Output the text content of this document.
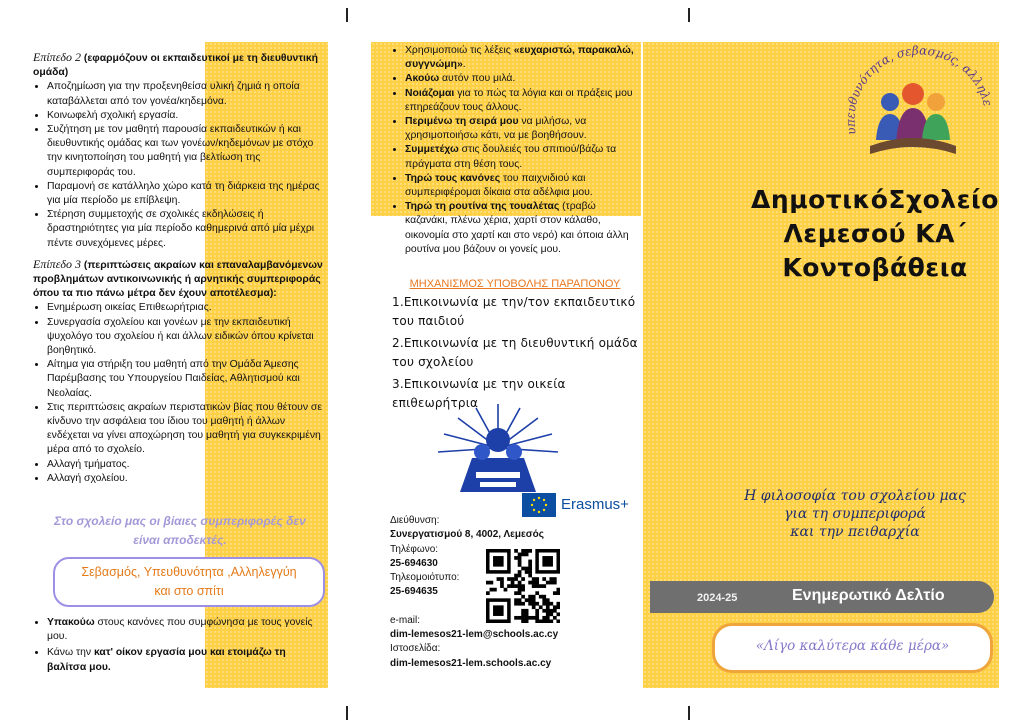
Επίπεδο 2 (εφαρμόζουν οι εκπαιδευτικοί με τη διευθυντική ομάδα)

• Αποζημίωση για την προξενηθείσα υλική ζημιά η οποία καταβάλλεται από τον γονέα/κηδεμόνα.
• Κοινωφελή σχολική εργασία.
• Συζήτηση με τον μαθητή παρουσία εκπαιδευτικών ή και διευθυντικής ομάδας και των γονέων/κηδεμόνων με στόχο την κινητοποίηση του μαθητή για βελτίωση της συμπεριφοράς του.
• Παραμονή σε κατάλληλο χώρο κατά τη διάρκεια της ημέρας για μία περίοδο με επίβλεψη.
• Στέρηση συμμετοχής σε σχολικές εκδηλώσεις ή δραστηριότητες για μία περίοδο καθημερινά από μία μέχρι πέντε συνεχόμενες μέρες.

Επίπεδο 3 (περιπτώσεις ακραίων και επαναλαμβανόμενων προβλημάτων αντικοινωνικής ή αρνητικής συμπεριφοράς όπου τα πιο πάνω μέτρα δεν έχουν αποτέλεσμα):

• Ενημέρωση οικείας Επιθεωρήτριας.
• Συνεργασία σχολείου και γονέων με την εκπαιδευτική ψυχολόγο του σχολείου ή και άλλων ειδικών όπου κρίνεται βοηθητικό.
• Αίτημα για στήριξη του μαθητή από την Ομάδα Άμεσης Παρέμβασης του Υπουργείου Παιδείας, Αθλητισμού και Νεολαίας.
• Στις περιπτώσεις ακραίων περιστατικών βίας που θέτουν σε κίνδυνο την ασφάλεια του ίδιου του μαθητή ή άλλων ενδέχεται να γίνει αποχώρηση του μαθητή για συγκεκριμένη μέρα από το σχολείο.
• Αλλαγή τμήματος.
• Αλλαγή σχολείου.
Στο σχολείο μας οι βίαιες συμπεριφορές δεν
είναι αποδεκτές.
Σεβασμός, Υπευθυνότητα ,Αλληλεγγύη
και στο σπίτι
• Υπακούω στους κανόνες που συμφώνησα με τους γονείς μου.
• Κάνω την κατ' οίκον εργασία μου και ετοιμάζω τη βαλίτσα μου.
• Χρησιμοποιώ τις λέξεις «ευχαριστώ, παρακαλώ, συγγνώμη».
• Ακούω αυτόν που μιλά.
• Νοιάζομαι για το πώς τα λόγια και οι πράξεις μου επηρεάζουν τους άλλους.
• Περιμένω τη σειρά μου να μιλήσω, να χρησιμοποιήσω κάτι, να με βοηθήσουν.
• Συμμετέχω στις δουλειές του σπιτιού/βάζω τα πράγματα στη θέση τους.
• Τηρώ τους κανόνες του παιχνιδιού και συμπεριφέρομαι δίκαια στα αδέλφια μου.
• Τηρώ τη ρουτίνα της τουαλέτας (τραβώ καζανάκι, πλένω χέρια, χαρτί στον κάλαθο, οικονομία στο χαρτί και στο νερό) και όποια άλλη ρουτίνα μου βάζουν οι γονείς μου.
ΜΗΧΑΝΙΣΜΟΣ ΥΠΟΒΟΛΗΣ ΠΑΡΑΠΟΝΟΥ
1.Επικοινωνία με την/τον εκπαιδευτικό του παιδιού
2.Επικοινωνία με τη διευθυντική ομάδα του σχολείου
3.Επικοινωνία με την οικεία επιθεωρήτρια
Erasmus+
Διεύθυνση:
Συνεργατισμού 8, 4002, Λεμεσός
Τηλέφωνο:
25-694630
Τηλεομοιότυπο:
25-694635
e-mail:
dim-lemesos21-lem@schools.ac.cy
Ιστοσελίδα:
dim-lemesos21-lem.schools.ac.cy
υπευθυνότητα, σεβασμός, αλληλε
ΔημοτικόΣχολείο
Λεμεσού ΚΑ΄
Κοντοβάθεια
Η φιλοσοφία του σχολείου μας
για τη συμπεριφορά
και την πειθαρχία
2024-25	Ενημερωτικό Δελτίο
«Λίγο καλύτερα κάθε μέρα»
